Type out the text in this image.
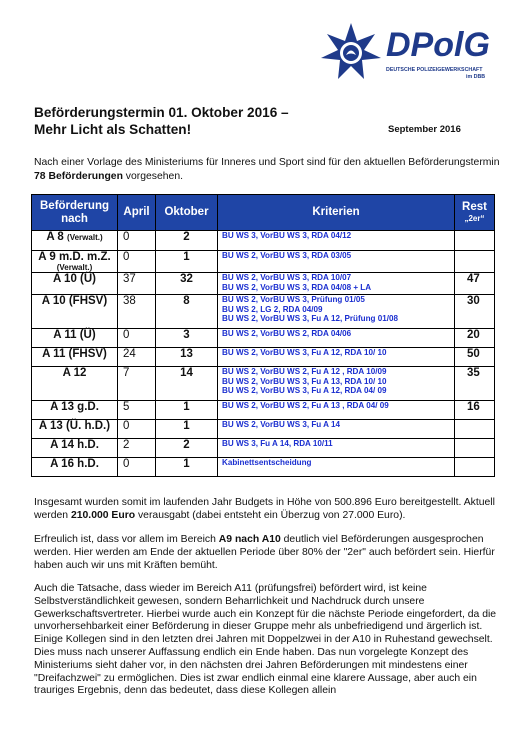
DPolG
DEUTSCHE POLIZEIGEWERKSCHAFT
im DBB
Beförderungstermin 01. Oktober 2016 –
Mehr Licht als Schatten!	September 2016
Nach einer Vorlage des Ministeriums für Inneres und Sport sind für den aktuellen Beförderungstermin 78 Beförderungen vorgesehen.
Beförderung nach	April	Oktober	Kriterien	Rest
„2er“

A 8 (Verwalt.)	0	2	BU WS 3, VorBU WS 3, RDA 04/12	

A 9 m.D. m.Z.
(Verwalt.)	0	1	BU WS 2, VorBU WS 3, RDA 03/05	

A 10 (Ü)	37	32	BU WS 2, VorBU WS 3, RDA 10/07
BU WS 2, VorBU WS 3, RDA 04/08 + LA	47
A 10 (FHSV)	38	8	BU WS 2, VorBU WS 3, Prüfung 01/05
BU WS 2, LG 2, RDA 04/09
BU WS 2, VorBU WS 3, Fu A 12, Prüfung 01/08	30
A 11 (Ü)	0	3	BU WS 2, VorBU WS 2, RDA 04/06	20
A 11 (FHSV)	24	13	BU WS 2, VorBU WS 3, Fu A 12, RDA 10/ 10	50
A 12	7	14	BU WS 2, VorBU WS 2, Fu A 12 , RDA 10/09
BU WS 2, VorBU WS 3, Fu A 13, RDA 10/ 10
BU WS 2, VorBU WS 3, Fu A 12, RDA 04/ 09	35
A 13 g.D.	5	1	BU WS 2, VorBU WS 2, Fu A 13 , RDA 04/ 09	16
A 13 (Ü. h.D.)	0	1	BU WS 2, VorBU WS 3, Fu A 14	

A 14 h.D.	2	2	BU WS 3, Fu A 14, RDA 10/11	

A 16 h.D.	0	1	Kabinettsentscheidung	

Insgesamt wurden somit im laufenden Jahr Budgets in Höhe von 500.896 Euro bereitgestellt. Aktuell werden 210.000 Euro verausgabt (dabei entsteht ein Überzug von 27.000 Euro).
Erfreulich ist, dass vor allem im Bereich A9 nach A10 deutlich viel Beförderungen ausgesprochen werden. Hier werden am Ende der aktuellen Periode über 80% der "2er" auch befördert sein. Hierfür haben auch wir uns mit Kräften bemüht.
Auch die Tatsache, dass wieder im Bereich A11 (prüfungsfrei) befördert wird, ist keine Selbstverständlichkeit gewesen, sondern Beharrlichkeit und Nachdruck durch unsere Gewerkschaftsvertreter. Hierbei wurde auch ein Konzept für die nächste Periode eingefordert, da die unvorhersehbarkeit einer Beförderung in dieser Gruppe mehr als unbefriedigend und ärgerlich ist. Einige Kollegen sind in den letzten drei Jahren mit Doppelzwei in der A10 in Ruhestand gewechselt. Dies muss nach unserer Auffassung endlich ein Ende haben. Das nun vorgelegte Konzept des Ministeriums sieht daher vor, in den nächsten drei Jahren Beförderungen mit mindestens einer "Dreifachzwei" zu ermöglichen. Dies ist zwar endlich einmal eine klarere Aussage, aber auch ein trauriges Ergebnis, denn das bedeutet, dass diese Kollegen allein
